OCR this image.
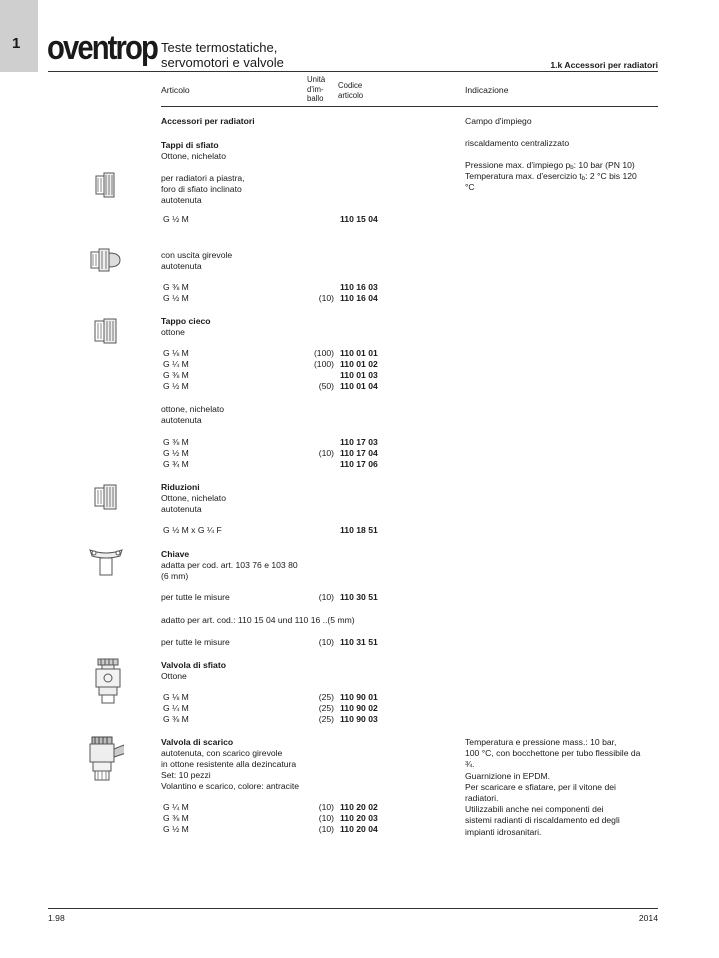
1 oventrop Teste termostatiche,
servomotori e valvole	1.k Accessori per radiatori
Articolo
Unità
d'im-
ballo
Codice
articolo
Indicazione
Accessori per radiatori	Campo d'impiego
riscaldamento centralizzato
Pressione max. d'impiego $p_b$: 10 bar (PN 10)
Temperatura max. d'esercizio $t_b$: 2 °C bis 120
°C
Tappi di sfiato
Ottone, nichelato
per radiatori a piastra,
foro di sfiato inclinato
autotenuta
G ½ M	110 15 04
con uscita girevole
autotenuta
G ⅜ M	110 16 03
G ½ M	(10) 110 16 04
Tappo cieco
ottone
G ⅛ M	(100) 110 01 01
G ¼ M	(100) 110 01 02
G ⅜ M	110 01 03
G ½ M	(50) 110 01 04
ottone, nichelato
autotenuta
G ⅜ M	110 17 03
G ½ M	(10) 110 17 04
G ¾ M	110 17 06
Riduzioni
Ottone, nichelato
autotenuta
G ½ M x G ¼ F	110 18 51
Chiave
adatta per cod. art. 103 76 e 103 80
(6 mm)
per tutte le misure	(10) 110 30 51
adatto per art. cod.: 110 15 04 und 110 16 ..(5 mm)
per tutte le misure	(10) 110 31 51
Valvola di sfiato
Ottone
G ⅛ M	(25) 110 90 01
G ¼ M	(25) 110 90 02
G ⅜ M	(25) 110 90 03
Valvola di scarico
autotenuta, con scarico girevole
in ottone resistente alla dezincatura
Set: 10 pezzi
Volantino e scarico, colore: antracite
G ¼ M	(10) 110 20 02
G ⅜ M	(10) 110 20 03
G ½ M	(10) 110 20 04
Temperatura e pressione mass.: 10 bar,
100 °C, con bocchettone per tubo flessibile da
¾.
Guarnizione in EPDM.
Per scaricare e sfiatare, per il vitone dei
radiatori.
Utilizzabili anche nei componenti dei
sistemi radianti di riscaldamento ed degli
impianti idrosanitari.
1.98	2014
